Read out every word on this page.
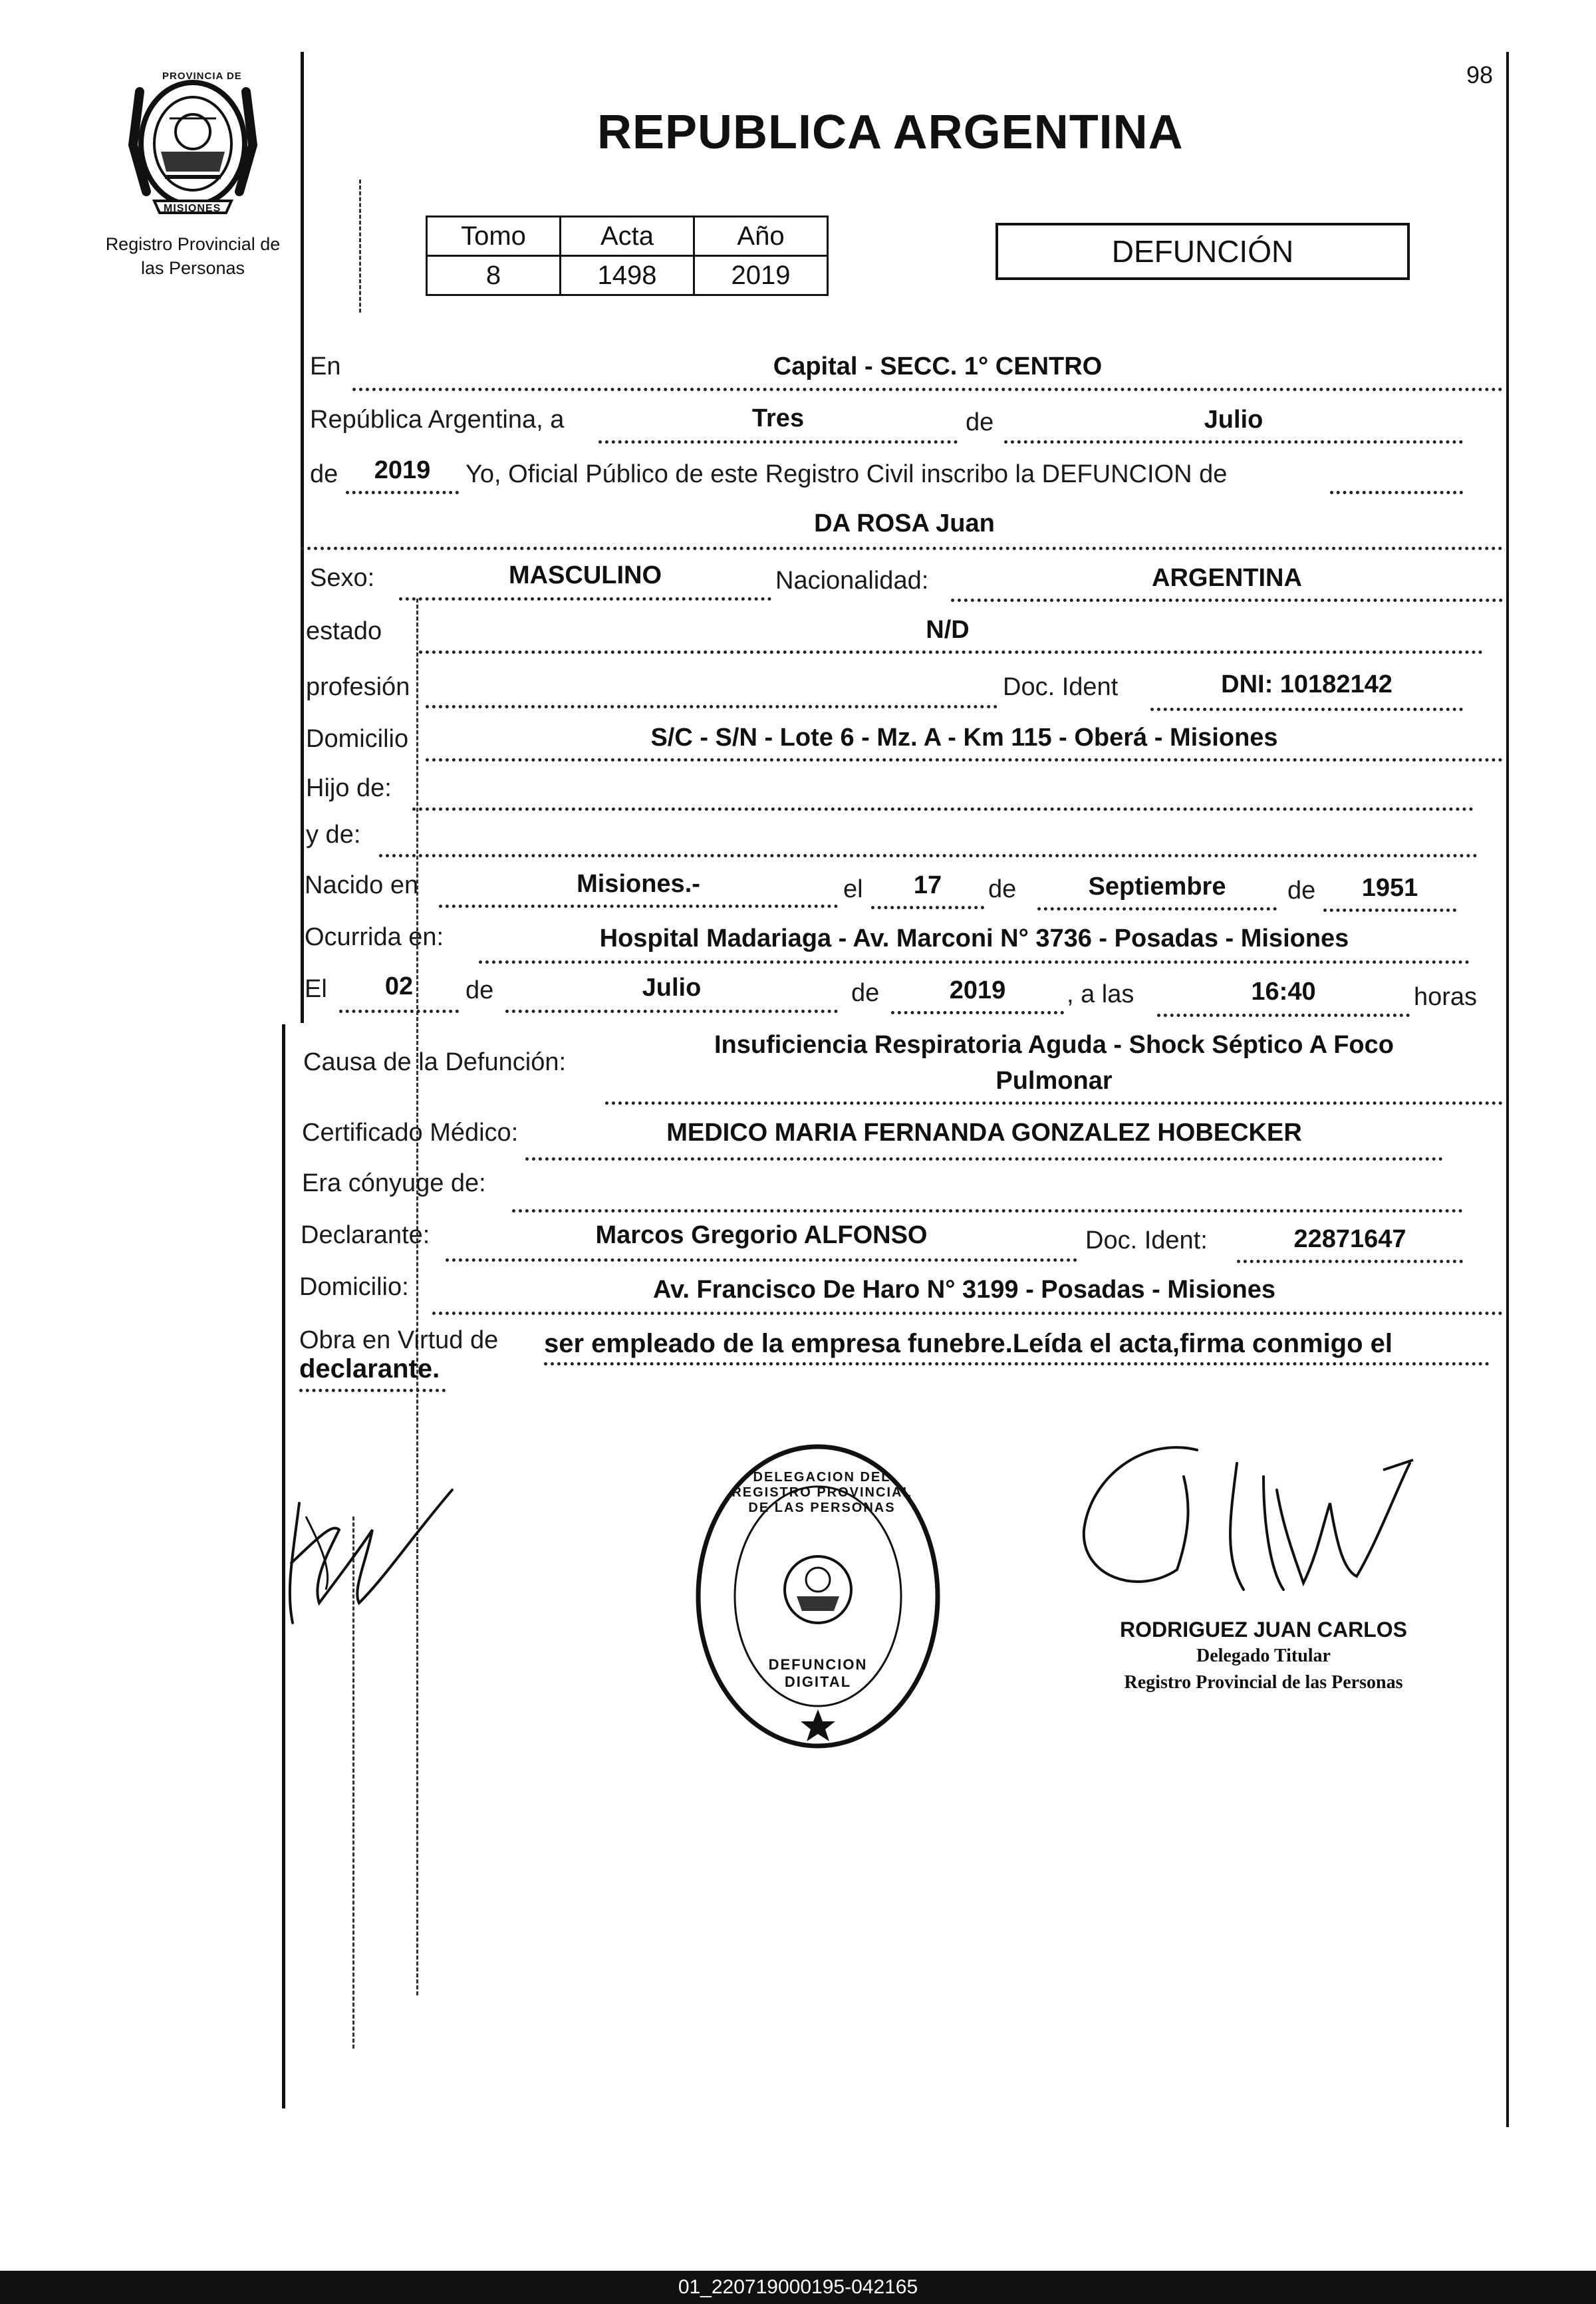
98
PROVINCIA DE
MISIONES
Registro Provincial de
las Personas
REPUBLICA ARGENTINA
Tomo	Acta	Año
8	1498	2019
DEFUNCIÓN
En	Capital - SECC. 1° CENTRO
República Argentina, a	Tres	de	Julio
de	2019	Yo, Oficial Público de este Registro Civil inscribo la DEFUNCION de
DA ROSA Juan
Sexo:	MASCULINO	Nacionalidad:	ARGENTINA
estado	N/D
profesión	Doc. Ident	DNI: 10182142
Domicilio	S/C - S/N - Lote 6 - Mz. A - Km 115 - Oberá - Misiones
Hijo de:
y de:
Nacido en	Misiones.-	el	17	de	Septiembre	de	1951
Ocurrida en:	Hospital Madariaga - Av. Marconi N° 3736 - Posadas - Misiones
El	02	de	Julio	de	2019	, a las	16:40	horas
Causa de la Defunción:
Insuficiencia Respiratoria Aguda - Shock Séptico A Foco
Pulmonar
Certificado Médico:	MEDICO MARIA FERNANDA GONZALEZ HOBECKER
Era cónyuge de:
Declarante:	Marcos Gregorio ALFONSO	Doc. Ident:	22871647
Domicilio:	Av. Francisco De Haro N° 3199 - Posadas - Misiones
Obra en Virtud de ser empleado de la empresa funebre.Leída el acta,firma conmigo el
declarante.
DELEGACION DEL REGISTRO PROVINCIAL DE LAS PERSONAS
DEFUNCION DIGITAL
RODRIGUEZ JUAN CARLOS
Delegado Titular
Registro Provincial de las Personas
01_220719000195-042165
